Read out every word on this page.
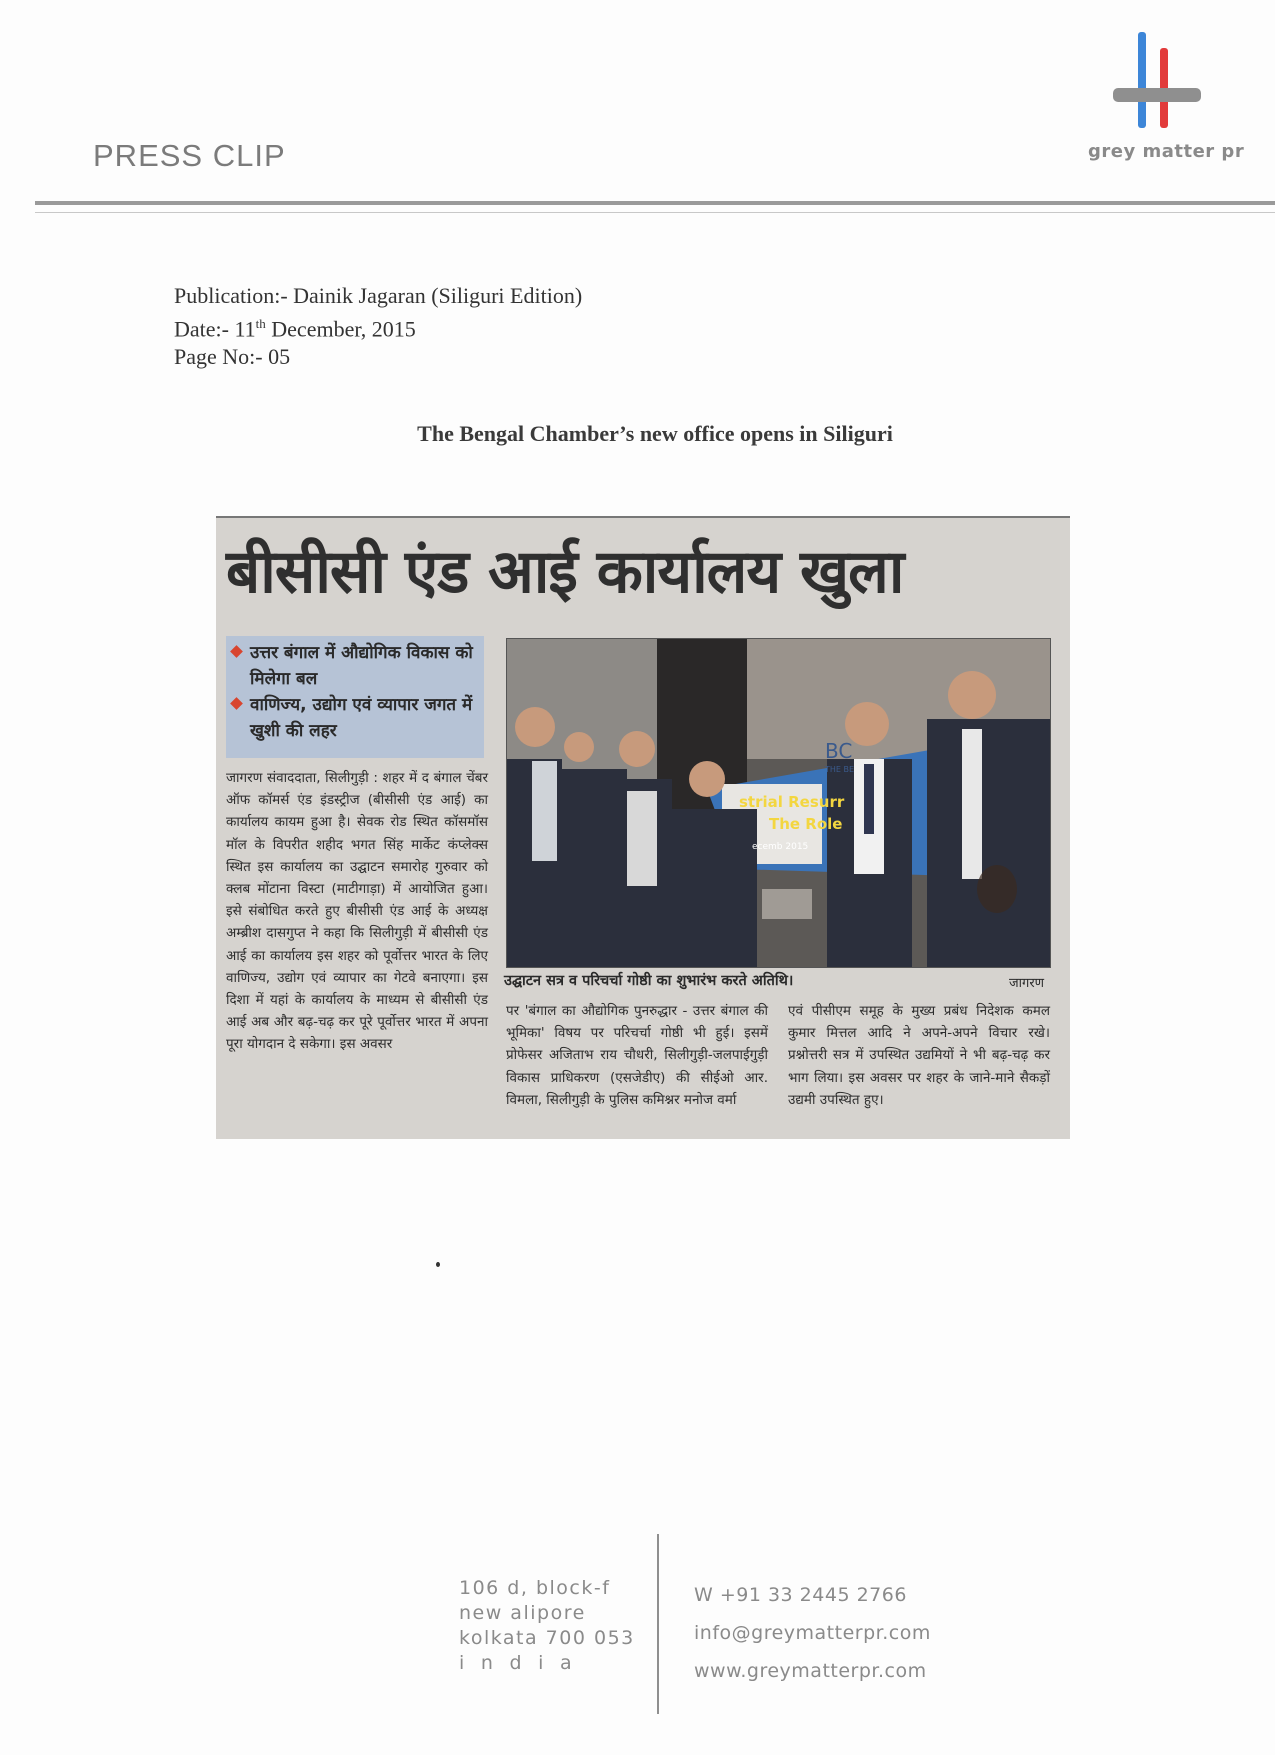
PRESS CLIP	grey matter pr
Publication:- Dainik Jagaran (Siliguri Edition)
Date:- 11th December, 2015
Page No:- 05
The Bengal Chamber’s new office opens in Siliguri
बीसीसी एंड आई कार्यालय खुला
उत्तर बंगाल में औद्योगिक विकास को मिलेगा बल
वाणिज्य, उद्योग एवं व्यापार जगत में खुशी की लहर
जागरण संवाददाता, सिलीगुड़ी : शहर में द बंगाल चेंबर ऑफ कॉमर्स एंड इंडस्ट्रीज (बीसीसी एंड आई) का कार्यालय कायम हुआ है। सेवक रोड स्थित कॉसमॉस मॉल के विपरीत शहीद भगत सिंह मार्केट कंप्लेक्स स्थित इस कार्यालय का उद्घाटन समारोह गुरुवार को क्लब मोंटाना विस्टा (माटीगाड़ा) में आयोजित हुआ। इसे संबोधित करते हुए बीसीसी एंड आई के अध्यक्ष अम्ब्रीश दासगुप्त ने कहा कि सिलीगुड़ी में बीसीसी एंड आई का कार्यालय इस शहर को पूर्वोत्तर भारत के लिए वाणिज्य, उद्योग एवं व्यापार का गेटवे बनाएगा। इस दिशा में यहां के कार्यालय के माध्यम से बीसीसी एंड आई अब और बढ़-चढ़ कर पूरे पूर्वोत्तर भारत में अपना पूरा योगदान दे सकेगा। इस अवसर
BC
THE BE
strial Resurr
The Role
ecemb 2015
उद्घाटन सत्र व परिचर्चा गोष्ठी का शुभारंभ करते अतिथि।	जागरण
पर 'बंगाल का औद्योगिक पुनरुद्धार - उत्तर बंगाल की भूमिका' विषय पर परिचर्चा गोष्ठी भी हुई। इसमें प्रोफेसर अजिताभ राय चौधरी, सिलीगुड़ी-जलपाईगुड़ी विकास प्राधिकरण (एसजेडीए) की सीईओ आर. विमला, सिलीगुड़ी के पुलिस कमिश्नर मनोज वर्मा
एवं पीसीएम समूह के मुख्य प्रबंध निदेशक कमल कुमार मित्तल आदि ने अपने-अपने विचार रखे। प्रश्नोत्तरी सत्र में उपस्थित उद्यमियों ने भी बढ़-चढ़ कर भाग लिया। इस अवसर पर शहर के जाने-माने सैकड़ों उद्यमी उपस्थित हुए।
106 d, block-f
new alipore
kolkata 700 053
i  n  d  i  a
W +91 33 2445 2766
info@greymatterpr.com
www.greymatterpr.com
